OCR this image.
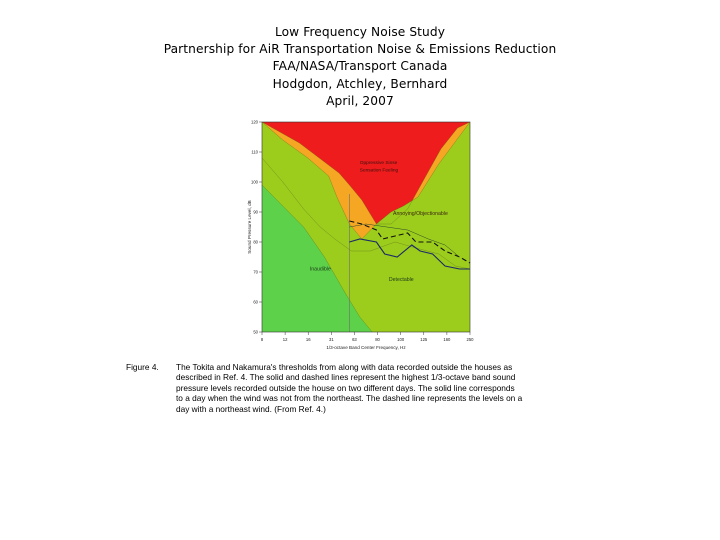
Low Frequency Noise Study
Partnership for AiR Transportation Noise & Emissions Reduction
FAA/NASA/Transport Canada
Hodgdon, Atchley, Bernhard
April, 2007
8	12	16	31	63	80	100	125	160	250
50
60
70
80
90
100
110
120
1/3-octave Band Center Frequency, Hz
Sound Pressure Level, dB
Oppressive Sinse
Sensation Feeling
Annoying/Objectionable
Inaudible
Detectable
Figure 4. The Tokita and Nakamura's thresholds from along with data recorded outside the houses as
described in Ref. 4. The solid and dashed lines represent the highest 1/3-octave band sound
pressure levels recorded outside the house on two different days. The solid line corresponds
to a day when the wind was not from the northeast. The dashed line represents the levels on a
day with a northeast wind. (From Ref. 4.)
